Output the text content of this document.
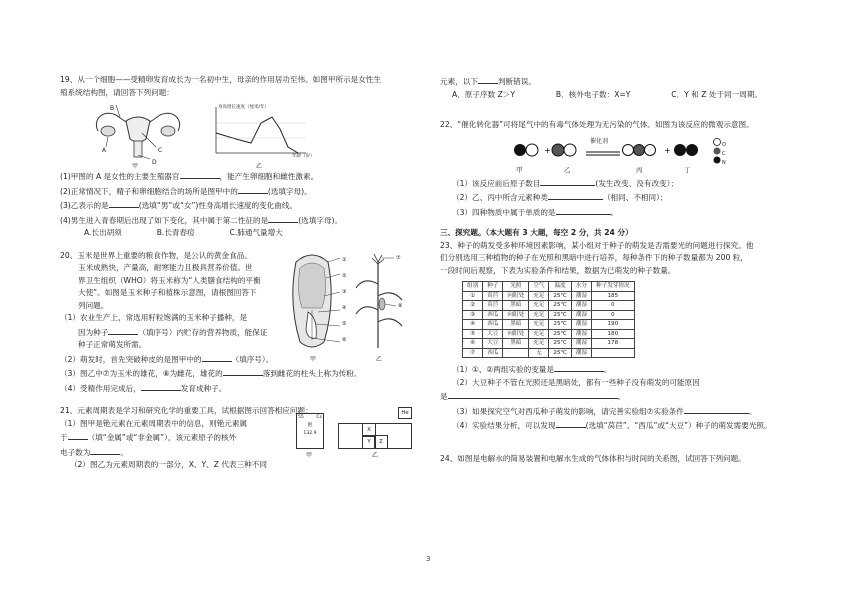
19、从一个细胞——受精卵发育成长为一名初中生，母亲的作用居功至伟。如图甲所示是女性生

殖系统结构图，请回答下列问题：

A
B
C
D
甲
身高增长速度（厘米/年）
年龄（岁）
乙

(1)甲图的 A 是女性的主要生殖器官	，能产生卵细胞和雌性激素。

(2)正常情况下，精子和卵细胞结合的场所是图甲中的	(选填字母)。

(3)乙表示的是	(选填“男”或“女”)性身高增长速度的变化曲线。

(4)男生进入青春期后出现了如下变化，其中属于第二性征的是	(选填字母)。

A.长出胡须	B.长青春痘	C.肺通气量增大

20、玉米是世界上重要的粮食作物，是公认的黄金食品。

玉米成熟快，产量高，耐寒能力且极具营养价值。世

界卫生组织（WHO）将玉米称为“人类膳食结构的平衡

大使”。如图是玉米种子和植株示意图，请根图回答下

列问题。

（1）农业生产上，常选用籽粒饱满的玉米种子播种，是

因为种子	（填序号）内贮存的营养物质，能保证

种子正常萌发所需。

（2）萌发时，首先突破种皮的是图甲中的	（填序号）。

（3）图乙中⑦为玉米的雄花，⑧为雌花，雄花的	落到雌花的柱头上称为传粉。

（4）受精作用完成后，	发育成种子。

①
②
③
④
⑤
⑥
甲
⑦
⑧
乙

21、元素周期表是学习和研究化学的重要工具，试根据图示回答相应问题：

（1）图甲是铯元素在元素周期表中的信息，则铯元素属

于	（填“金属”或“非金属”），该元素原子的核外

电子数为	。

（2）图乙为元素周期表的一部分，X、Y、Z 代表三种不同

55	Cs
铯
132.9
甲
He
X
Y	Z
乙

元素，以下	判断错误。

A．原子序数 Z＞Y	B．核外电子数：X=Y	C．Y 和 Z 处于同一周期。

22、“催化转化器”可将尾气中的有毒气体处理为无污染的气体。如图为该反应的微观示意图。

+	+
催化剂
甲	乙	丙	丁
O
C
N

（1）该反应前后原子数目	(发生改变、没有改变）；

（2）乙、丙中所含元素种类	（相同、不相同）；

（3）四种物质中属于单质的是	。

三、探究题。（本大题有 3 大题，每空 2 分，共 24 分）

23、种子的萌发受多种环境因素影响，某小组对于种子的萌发是否需要光的问题进行探究。他

们分别选用三种植物的种子在光照和黑暗中进行培养，每种条件下的种子数量都为 200 粒，

一段时间后观察，下表为实验条件和结果，数据为已萌发的种子数量。

组别	种子	光照	空气	温度	水分	种子发芽情况
①	莴苣	向阳处	充足	25℃	潮湿	185
②	莴苣	黑暗	充足	25℃	潮湿	0
③	西瓜	向阳处	充足	25℃	潮湿	0
④	西瓜	黑暗	充足	25℃	潮湿	190
⑤	大豆	向阳处	充足	25℃	潮湿	180
⑥	大豆	黑暗	充足	25℃	潮湿	178
⑦	西瓜		无	25℃	潮湿	

（1）①、②两组实验的变量是	。

（2）大豆种子不管在光照还是黑暗处，都有一些种子没有萌发的可能原因

是	。

（3）如果探究空气对西瓜种子萌发的影响，请完善实验组⑦实验条件	。

（4）实验结果分析，可以发现	(选填“莴苣”、“西瓜”或“大豆”）种子的萌发需要光照。

24、如图是电解水的简易装置和电解水生成的气体体积与时间的关系图，试回答下列问题。

3
